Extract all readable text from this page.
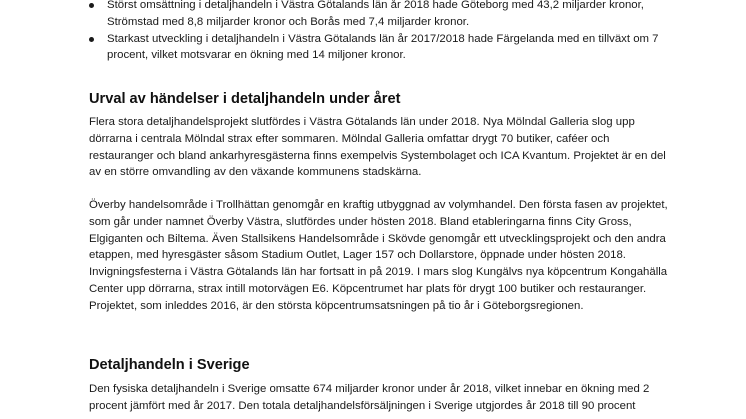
Störst omsättning i detaljhandeln i Västra Götalands län år 2018 hade Göteborg med 43,2 miljarder kronor, Strömstad med 8,8 miljarder kronor och Borås med 7,4 miljarder kronor.
Starkast utveckling i detaljhandeln i Västra Götalands län år 2017/2018 hade Färgelanda med en tillväxt om 7 procent, vilket motsvarar en ökning med 14 miljoner kronor.
Urval av händelser i detaljhandeln under året

Flera stora detaljhandelsprojekt slutfördes i Västra Götalands län under 2018. Nya Mölndal Galleria slog upp dörrarna i centrala Mölndal strax efter sommaren. Mölndal Galleria omfattar drygt 70 butiker, caféer och restauranger och bland ankarhyresgästerna finns exempelvis Systembolaget och ICA Kvantum. Projektet är en del av en större omvandling av den växande kommunens stadskärna.

Överby handelsområde i Trollhättan genomgår en kraftig utbyggnad av volymhandel. Den första fasen av projektet, som går under namnet Överby Västra, slutfördes under hösten 2018. Bland etableringarna finns City Gross, Elgiganten och Biltema. Även Stallsikens Handelsområde i Skövde genomgår ett utvecklingsprojekt och den andra etappen, med hyresgäster såsom Stadium Outlet, Lager 157 och Dollarstore, öppnade under hösten 2018. Invigningsfesterna i Västra Götalands län har fortsatt in på 2019. I mars slog Kungälvs nya köpcentrum Kongahälla Center upp dörrarna, strax intill motorvägen E6. Köpcentrumet har plats för drygt 100 butiker och restauranger. Projektet, som inleddes 2016, är den största köpcentrumsatsningen på tio år i Göteborgsregionen.

Detaljhandeln i Sverige

Den fysiska detaljhandeln i Sverige omsatte 674 miljarder kronor under år 2018, vilket innebar en ökning med 2 procent jämfört med år 2017. Den totala detaljhandelsförsäljningen i Sverige utgjordes år 2018 till 90 procent
